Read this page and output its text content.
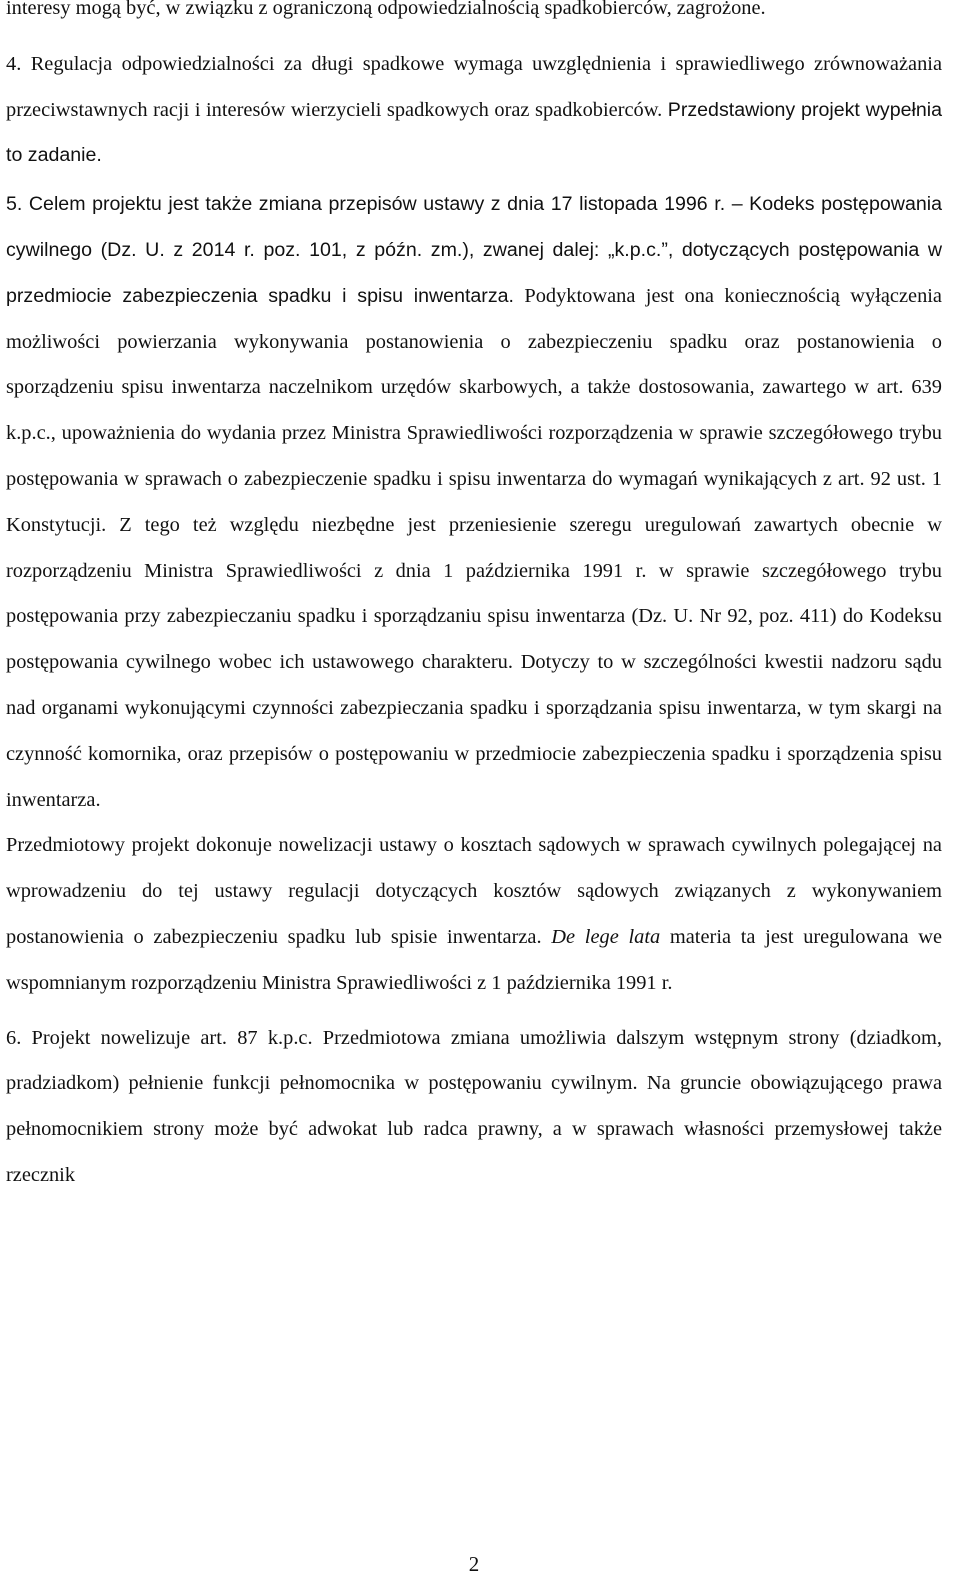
interesy mogą być, w związku z ograniczoną odpowiedzialnością spadkobierców, zagrożone.

4. Regulacja odpowiedzialności za długi spadkowe wymaga uwzględnienia i sprawiedliwego zrównoważania przeciwstawnych racji i interesów wierzycieli spadkowych oraz spadkobierców. Przedstawiony projekt wypełnia to zadanie.

5. Celem projektu jest także zmiana przepisów ustawy z dnia 17 listopada 1996 r. – Kodeks postępowania cywilnego (Dz. U. z 2014 r. poz. 101, z późn. zm.), zwanej dalej: „k.p.c.”, dotyczących postępowania w przedmiocie zabezpieczenia spadku i spisu inwentarza. Podyktowana jest ona koniecznością wyłączenia możliwości powierzania wykonywania postanowienia o zabezpieczeniu spadku oraz postanowienia o sporządzeniu spisu inwentarza naczelnikom urzędów skarbowych, a także dostosowania, zawartego w art. 639 k.p.c., upoważnienia do wydania przez Ministra Sprawiedliwości rozporządzenia w sprawie szczegółowego trybu postępowania w sprawach o zabezpieczenie spadku i spisu inwentarza do wymagań wynikających z art. 92 ust. 1 Konstytucji. Z tego też względu niezbędne jest przeniesienie szeregu uregulowań zawartych obecnie w rozporządzeniu Ministra Sprawiedliwości z dnia 1 października 1991 r. w sprawie szczegółowego trybu postępowania przy zabezpieczaniu spadku i sporządzaniu spisu inwentarza (Dz. U. Nr 92, poz. 411) do Kodeksu postępowania cywilnego wobec ich ustawowego charakteru. Dotyczy to w szczególności kwestii nadzoru sądu nad organami wykonującymi czynności zabezpieczania spadku i sporządzania spisu inwentarza, w tym skargi na czynność komornika, oraz przepisów o postępowaniu w przedmiocie zabezpieczenia spadku i sporządzenia spisu inwentarza.

Przedmiotowy projekt dokonuje nowelizacji ustawy o kosztach sądowych w sprawach cywilnych polegającej na wprowadzeniu do tej ustawy regulacji dotyczących kosztów sądowych związanych z wykonywaniem postanowienia o zabezpieczeniu spadku lub spisie inwentarza. De lege lata materia ta jest uregulowana we wspomnianym rozporządzeniu Ministra Sprawiedliwości z 1 października 1991 r.

6. Projekt nowelizuje art. 87 k.p.c. Przedmiotowa zmiana umożliwia dalszym wstępnym strony (dziadkom, pradziadkom) pełnienie funkcji pełnomocnika w postępowaniu cywilnym. Na gruncie obowiązującego prawa pełnomocnikiem strony może być adwokat lub radca prawny, a w sprawach własności przemysłowej także rzecznik

2
